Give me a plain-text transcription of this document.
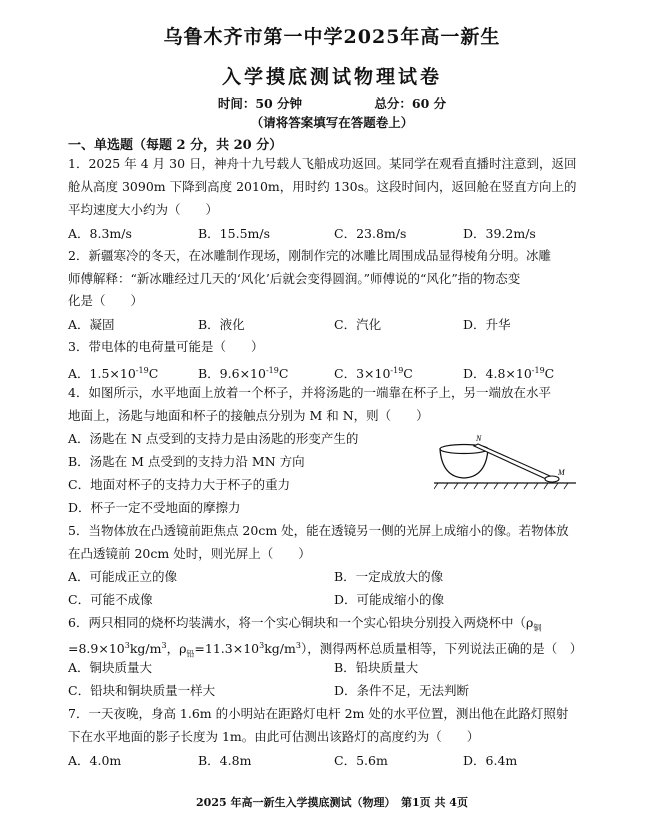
乌鲁木齐市第一中学2025年高一新生
入学摸底测试物理试卷
时间：50 分钟	总分：60 分
（请将答案填写在答题卷上）
一、单选题（每题 2 分，共 20 分）
1．2025 年 4 月 30 日，神舟十九号载人飞船成功返回。某同学在观看直播时注意到，返回
舱从高度 3090m 下降到高度 2010m，用时约 130s。这段时间内，返回舱在竖直方向上的
平均速度大小约为（　　）
A．8.3m/s	B．15.5m/s	C．23.8m/s	D．39.2m/s
2．新疆寒冷的冬天，在冰雕制作现场，刚制作完的冰雕比周围成品显得棱角分明。冰雕
师傅解释：“新冰雕经过几天的‘风化’后就会变得圆润。”师傅说的“风化”指的物态变
化是（　　）
A．凝固	B．液化	C．汽化	D．升华
3．带电体的电荷量可能是（　　）
A．$1.5\times 10^{-19}C$	B．$9.6\times 10^{-19}C$	C．$3\times 10^{-19}C$	D．$4.8\times 10^{-19}C$
4．如图所示，水平地面上放着一个杯子，并将汤匙的一端靠在杯子上，另一端放在水平
地面上，汤匙与地面和杯子的接触点分别为 M 和 N，则（　　）
A．汤匙在 N 点受到的支持力是由汤匙的形变产生的
B．汤匙在 M 点受到的支持力沿 MN 方向
C．地面对杯子的支持力大于杯子的重力
D．杯子一定不受地面的摩擦力
N
M
5．当物体放在凸透镜前距焦点 20cm 处，能在透镜另一侧的光屏上成缩小的像。若物体放
在凸透镜前 20cm 处时，则光屏上（　　）
A．可能成正立的像	B．一定成放大的像
C．可能不成像	D．可能成缩小的像
6．两只相同的烧杯均装满水，将一个实心铜块和一个实心铅块分别投入两烧杯中（$\rho_铜$
$=8.9\times 10^3kg/m^3$，$\rho_铅=11.3\times 10^3kg/m^3$），测得两杯总质量相等，下列说法正确的是（　）
A．铜块质量大	B．铅块质量大
C．铅块和铜块质量一样大	D．条件不足，无法判断
7．一天夜晚，身高 1.6m 的小明站在距路灯电杆 2m 处的水平位置，测出他在此路灯照射
下在水平地面的影子长度为 1m。由此可估测出该路灯的高度约为（　　）
A．4.0m	B．4.8m	C．5.6m	D．6.4m
2025 年高一新生入学摸底测试（物理）　第1页 共 4页
